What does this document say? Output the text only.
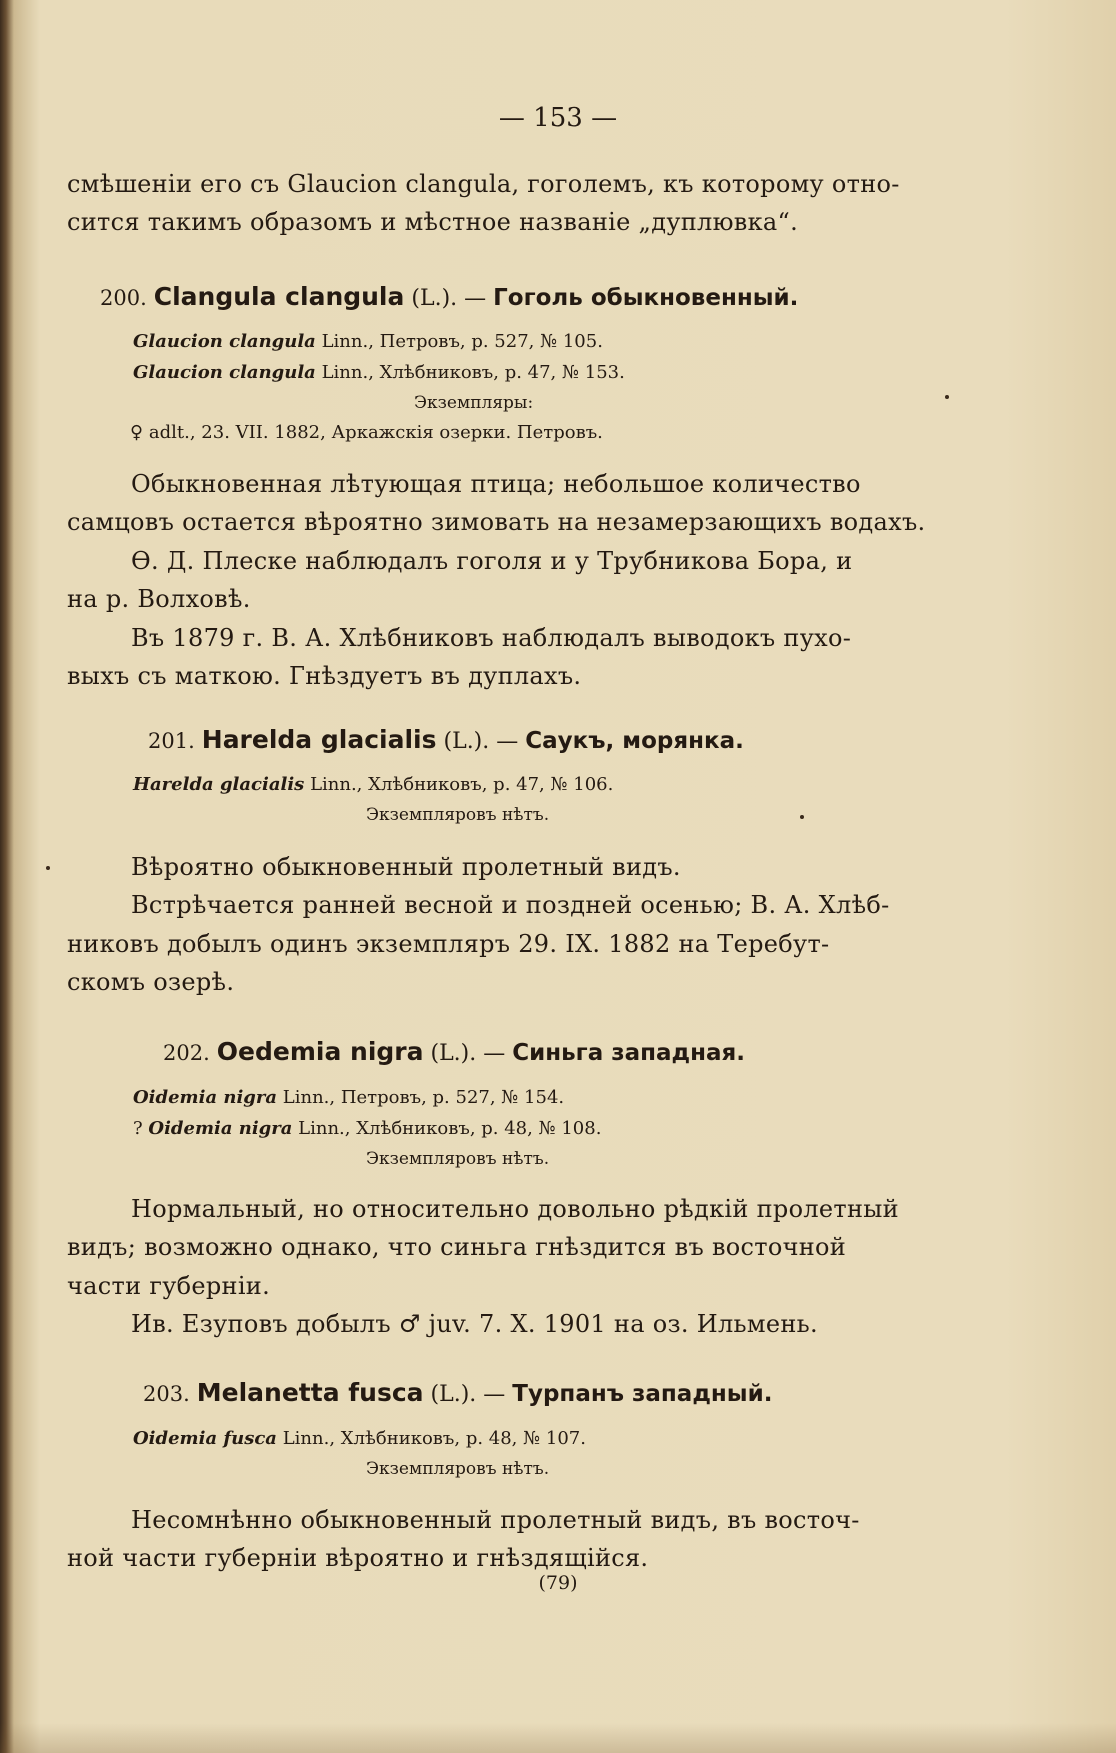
— 153 —
смѣшеніи его съ Glaucion clangula, гоголемъ, къ которому отно-
сится такимъ образомъ и мѣстное названіе „дуплювка“.
200. Clangula clangula (L.). — Гоголь обыкновенный.
Glaucion clangula Linn., Петровъ, р. 527, № 105.
Glaucion clangula Linn., Хлѣбниковъ, р. 47, № 153.
Экземпляры:
♀ adlt., 23. VII. 1882, Аркажскія озерки. Петровъ.
Обыкновенная лѣтующая птица; небольшое количество
самцовъ остается вѣроятно зимовать на незамерзающихъ водахъ.
Ѳ. Д. Плеске наблюдалъ гоголя и у Трубникова Бора, и
на р. Волховѣ.
Въ 1879 г. В. А. Хлѣбниковъ наблюдалъ выводокъ пухо-
выхъ съ маткою. Гнѣздуетъ въ дуплахъ.
201. Harelda glacialis (L.). — Саукъ, морянка.
Harelda glacialis Linn., Хлѣбниковъ, р. 47, № 106.
Экземпляровъ нѣтъ.
Вѣроятно обыкновенный пролетный видъ.
Встрѣчается ранней весной и поздней осенью; В. А. Хлѣб-
никовъ добылъ одинъ экземпляръ 29. IX. 1882 на Теребут-
скомъ озерѣ.
202. Oedemia nigra (L.). — Синьга западная.
Oidemia nigra Linn., Петровъ, р. 527, № 154.
? Oidemia nigra Linn., Хлѣбниковъ, р. 48, № 108.
Экземпляровъ нѣтъ.
Нормальный, но относительно довольно рѣдкій пролетный
видъ; возможно однако, что синьга гнѣздится въ восточной
части губерніи.
Ив. Езуповъ добылъ ♂ juv. 7. X. 1901 на оз. Ильмень.
203. Melanetta fusca (L.). — Турпанъ западный.
Oidemia fusca Linn., Хлѣбниковъ, р. 48, № 107.
Экземпляровъ нѣтъ.
Несомнѣнно обыкновенный пролетный видъ, въ восточ-
ной части губерніи вѣроятно и гнѣздящійся.
(79)
